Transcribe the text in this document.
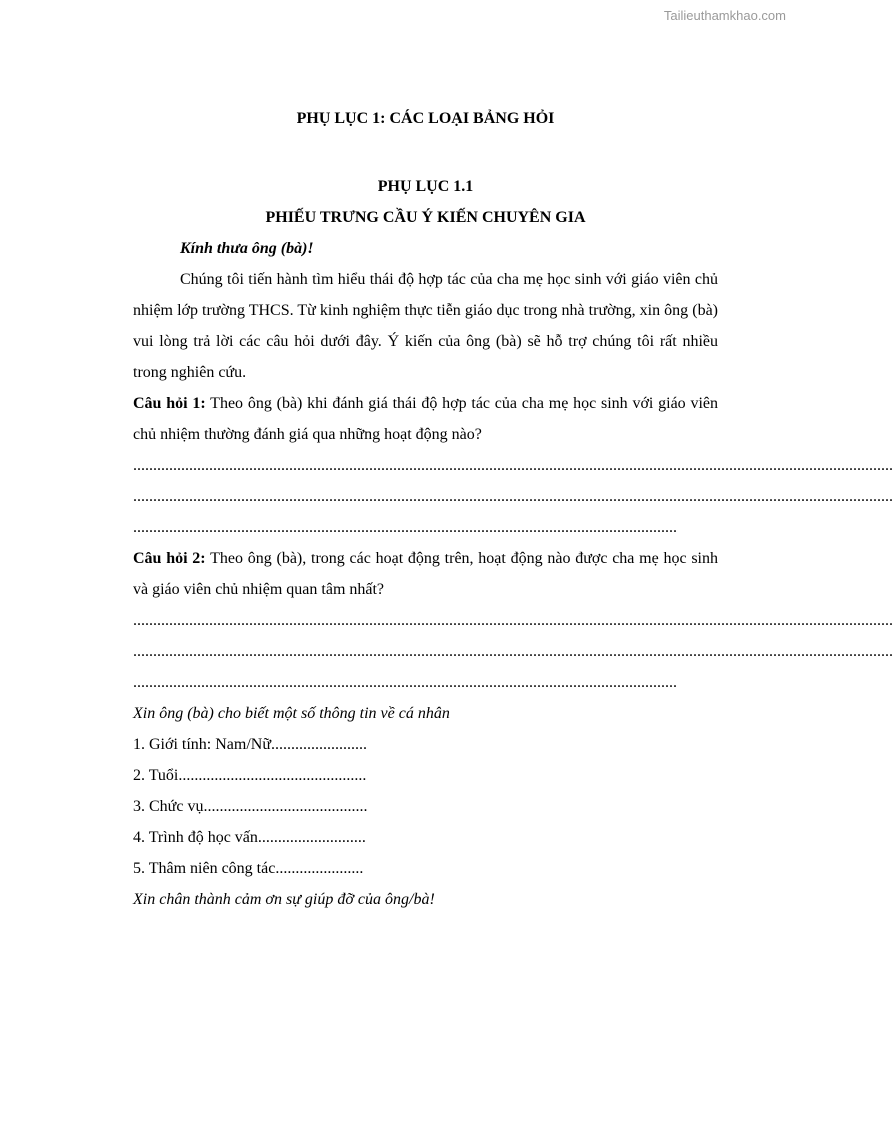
Tailieuthamkhao.com

PHỤ LỤC 1: CÁC LOẠI BẢNG HỎI

PHỤ LỤC 1.1

PHIẾU TRƯNG CẦU Ý KIẾN CHUYÊN GIA

Kính thưa ông (bà)!

Chúng tôi tiến hành tìm hiểu thái độ hợp tác của cha mẹ học sinh với giáo viên chủ nhiệm lớp trường THCS. Từ kinh nghiệm thực tiễn giáo dục trong nhà trường, xin ông (bà) vui lòng trả lời các câu hỏi dưới đây. Ý kiến của ông (bà) sẽ hỗ trợ chúng tôi rất nhiều trong nghiên cứu.

Câu hỏi 1: Theo ông (bà) khi đánh giá thái độ hợp tác của cha mẹ học sinh với giáo viên chủ nhiệm thường đánh giá qua những hoạt động nào?

..............................................................................................................................................................................................
..............................................................................................................................................................................................
........................................................................................................................................

Câu hỏi 2: Theo ông (bà), trong các hoạt động trên, hoạt động nào được cha mẹ học sinh và giáo viên chủ nhiệm quan tâm nhất?

..............................................................................................................................................................................................
..............................................................................................................................................................................................
........................................................................................................................................

Xin ông (bà) cho biết một số thông tin về cá nhân

1. Giới tính: Nam/Nữ........................

2. Tuổi...............................................

3. Chức vụ.........................................

4. Trình độ học vấn...........................

5. Thâm niên công tác......................

Xin chân thành cảm ơn sự giúp đỡ của ông/bà!
